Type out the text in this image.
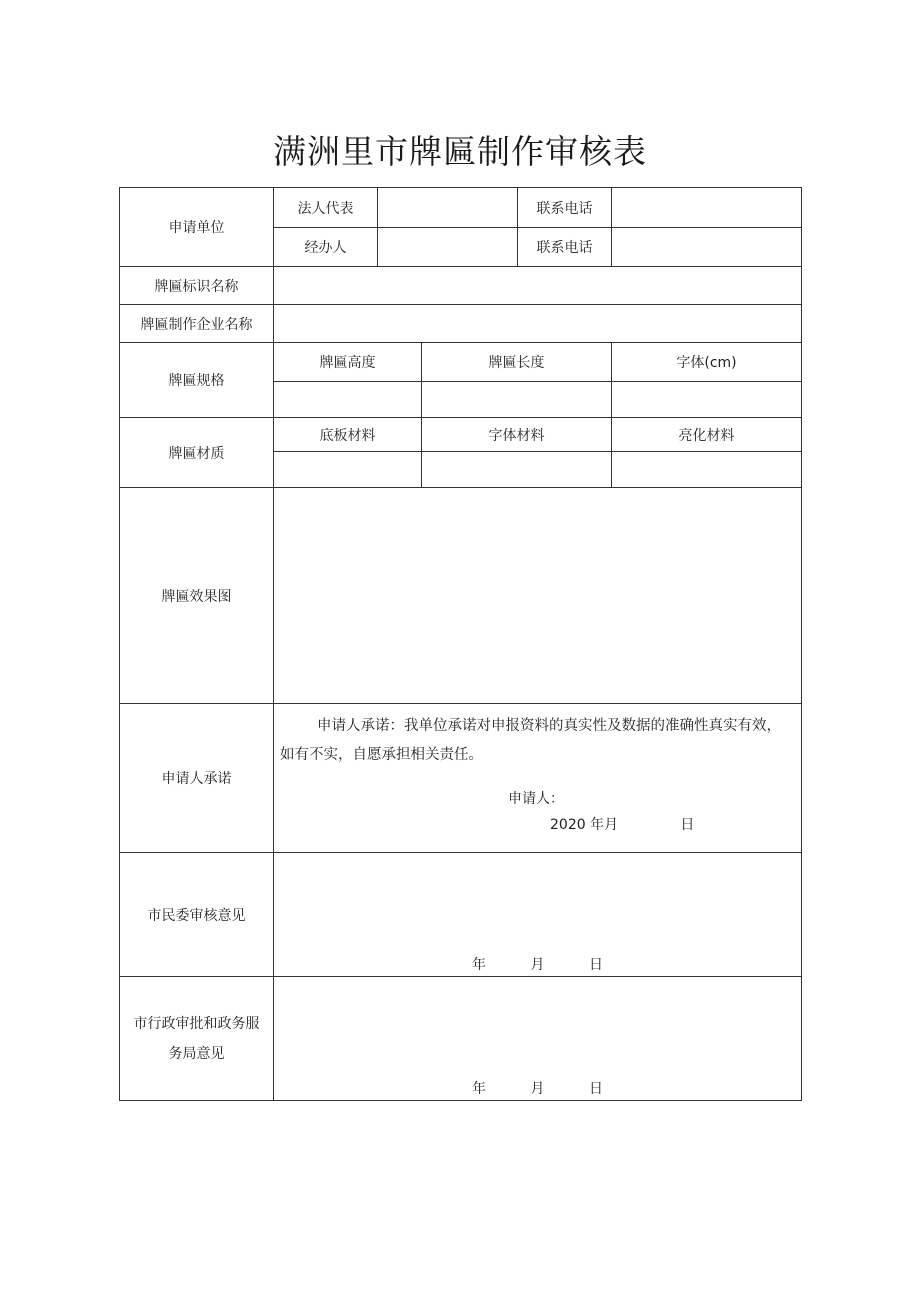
满洲里市牌匾制作审核表
申请单位	法人代表			联系电话	
	经办人			联系电话	
牌匾标识名称					
牌匾制作企业名称					
牌匾规格	牌匾高度		牌匾长度		字体(cm)

牌匾材质	底板材料		字体材料		亮化材料

牌匾效果图					
申请人承诺	申请人承诺：我单位承诺对申报资料的真实性及数据的准确性真实有效，如有不实，自愿承担相关责任。
申请人：
2020 年月              日				

市民委审核意见	年          月          日				

市行政审批和政务服
务局意见	年          月          日				
